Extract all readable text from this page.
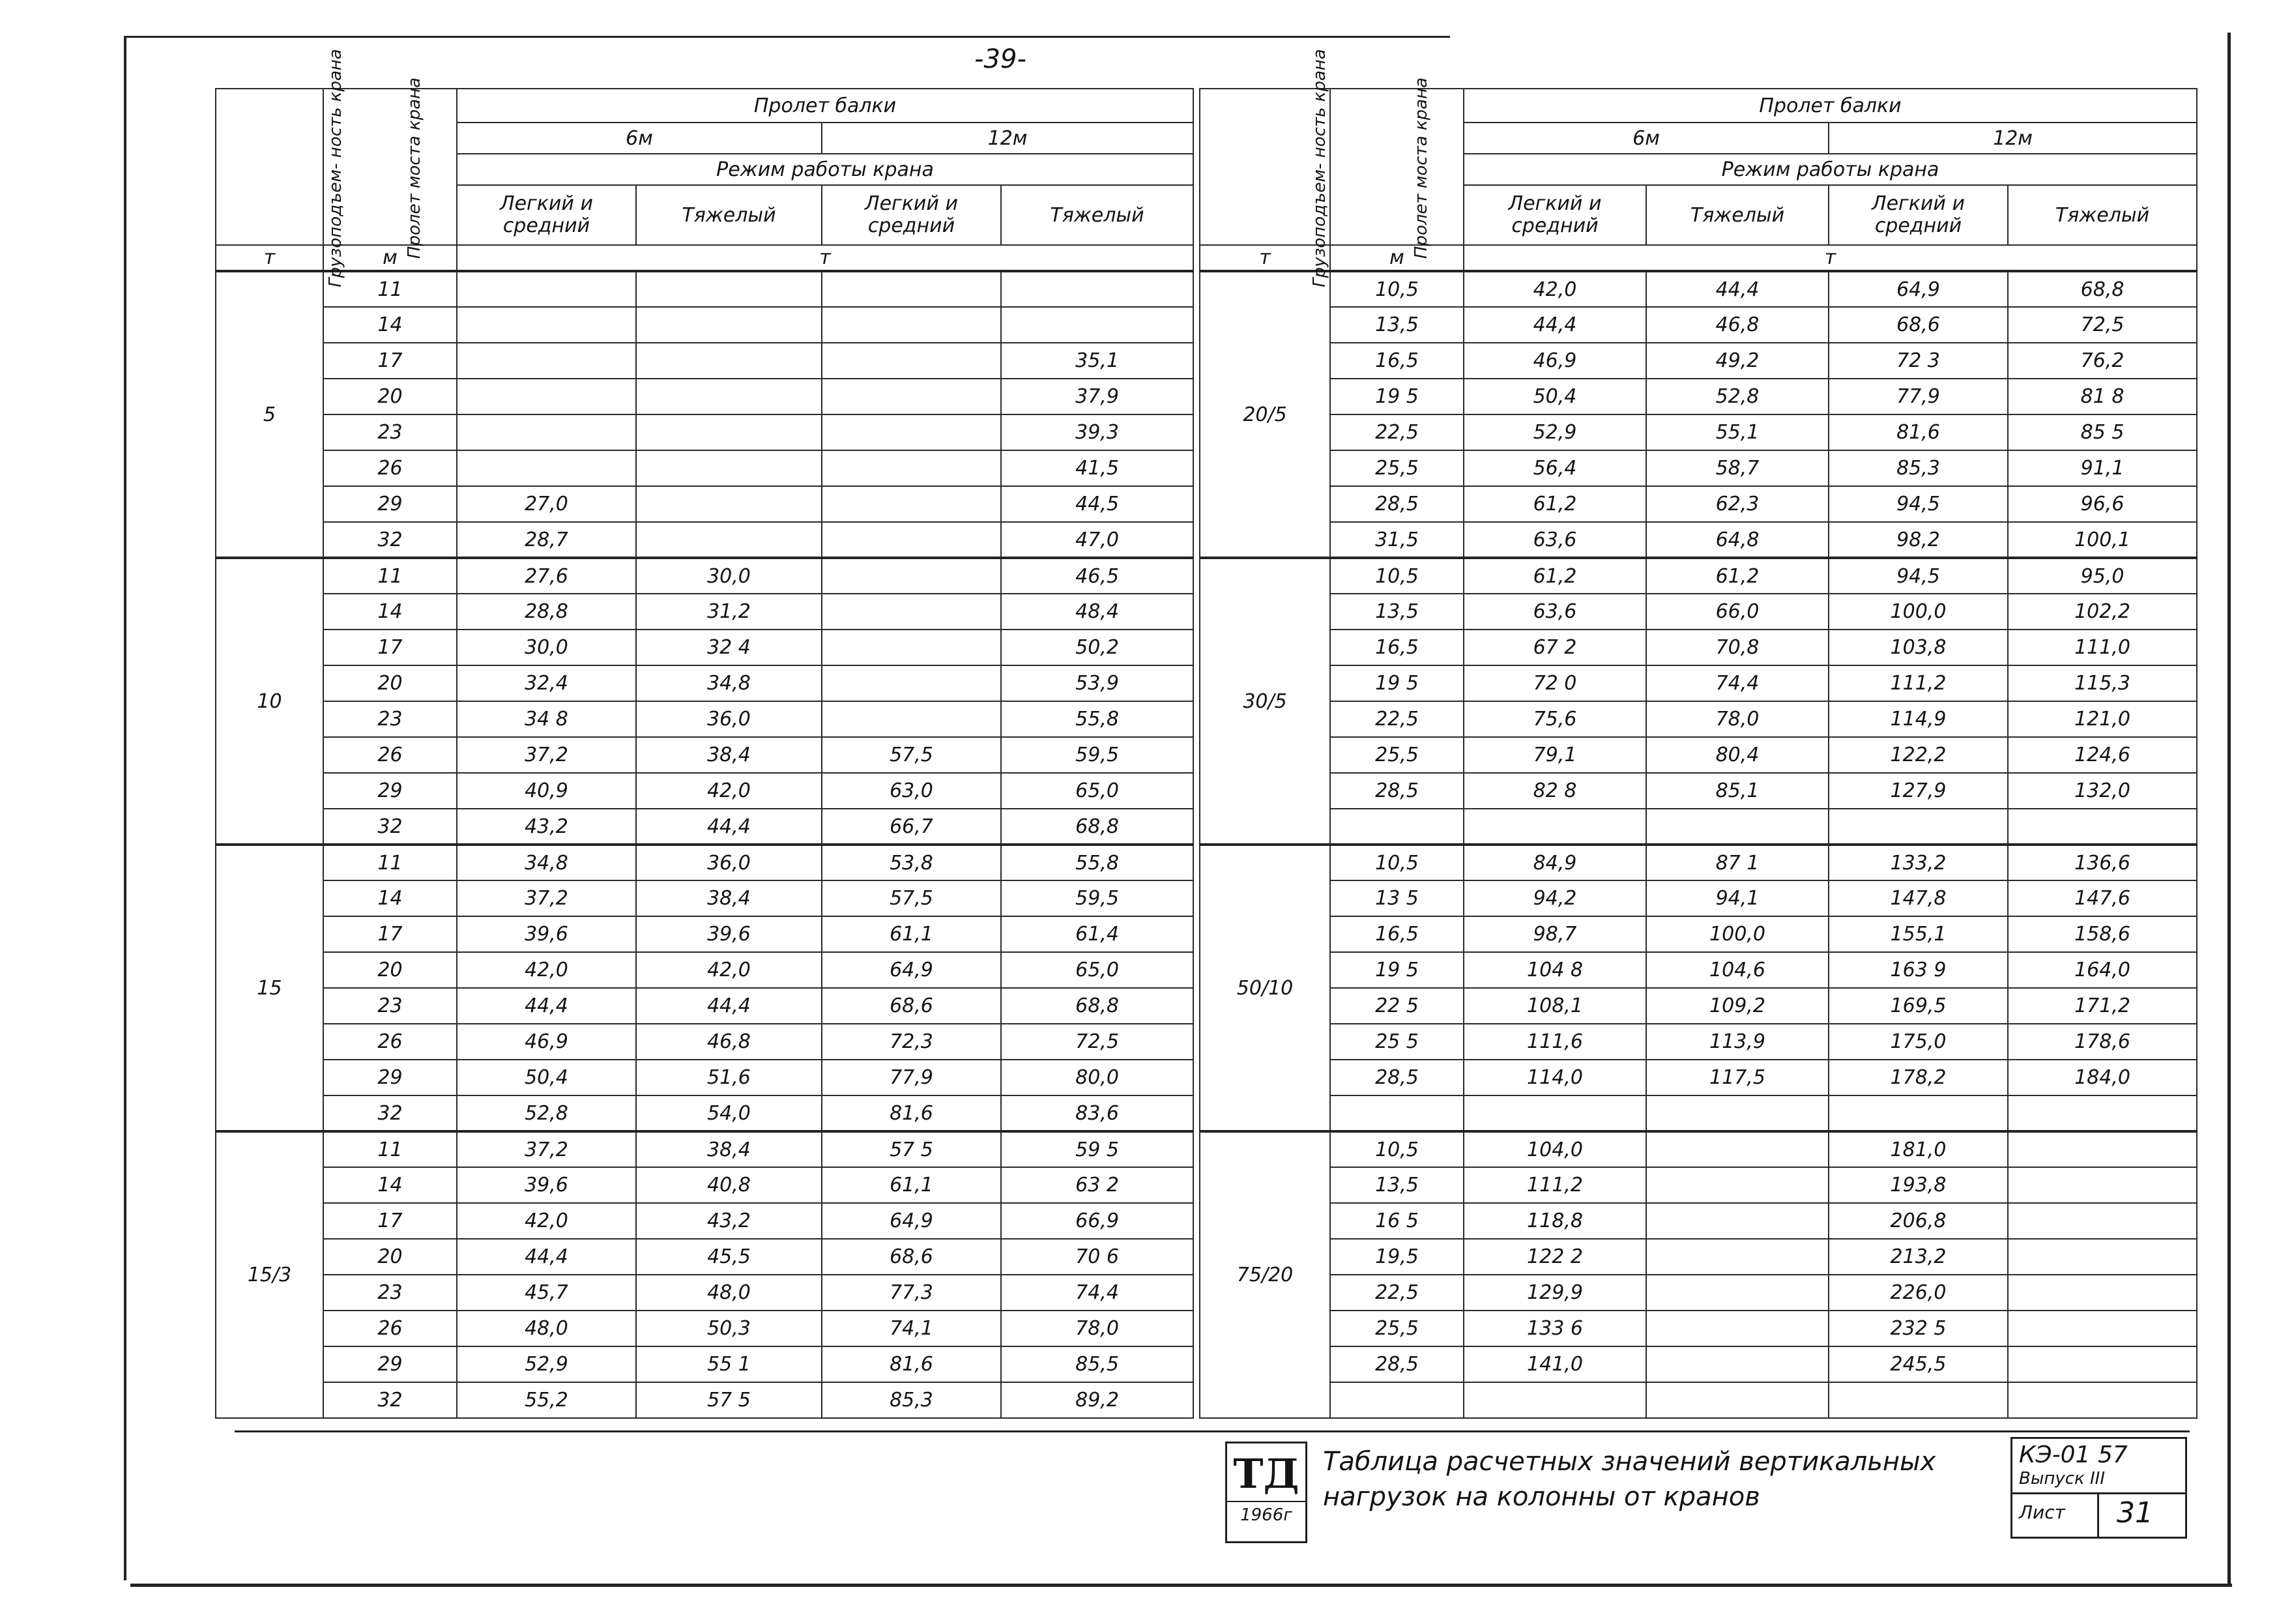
-39-
Грузоподъем- ность крана	Пролет моста крана	Пролет балки			
		6м		12м	
		Режим работы крана			
		Легкий и средний	Тяжелый	Легкий и средний	Тяжелый
т	м	т			
5	11				
	14				
	17				35,1
	20				37,9
	23				39,3
	26				41,5
	29	27,0			44,5
	32	28,7			47,0
10	11	27,6	30,0		46,5
	14	28,8	31,2		48,4
	17	30,0	32 4		50,2
	20	32,4	34,8		53,9
	23	34 8	36,0		55,8
	26	37,2	38,4	57,5	59,5
	29	40,9	42,0	63,0	65,0
	32	43,2	44,4	66,7	68,8
15	11	34,8	36,0	53,8	55,8
	14	37,2	38,4	57,5	59,5
	17	39,6	39,6	61,1	61,4
	20	42,0	42,0	64,9	65,0
	23	44,4	44,4	68,6	68,8
	26	46,9	46,8	72,3	72,5
	29	50,4	51,6	77,9	80,0
	32	52,8	54,0	81,6	83,6
15/3	11	37,2	38,4	57 5	59 5
	14	39,6	40,8	61,1	63 2
	17	42,0	43,2	64,9	66,9
	20	44,4	45,5	68,6	70 6
	23	45,7	48,0	77,3	74,4
	26	48,0	50,3	74,1	78,0
	29	52,9	55 1	81,6	85,5
	32	55,2	57 5	85,3	89,2
Грузоподъем- ность крана	Пролет моста крана	Пролет балки			
		6м		12м	
		Режим работы крана			
		Легкий и средний	Тяжелый	Легкий и средний	Тяжелый
т	м	т			
20/5	10,5	42,0	44,4	64,9	68,8
	13,5	44,4	46,8	68,6	72,5
	16,5	46,9	49,2	72 3	76,2
	19 5	50,4	52,8	77,9	81 8
	22,5	52,9	55,1	81,6	85 5
	25,5	56,4	58,7	85,3	91,1
	28,5	61,2	62,3	94,5	96,6
	31,5	63,6	64,8	98,2	100,1
30/5	10,5	61,2	61,2	94,5	95,0
	13,5	63,6	66,0	100,0	102,2
	16,5	67 2	70,8	103,8	111,0
	19 5	72 0	74,4	111,2	115,3
	22,5	75,6	78,0	114,9	121,0
	25,5	79,1	80,4	122,2	124,6
	28,5	82 8	85,1	127,9	132,0

50/10	10,5	84,9	87 1	133,2	136,6
	13 5	94,2	94,1	147,8	147,6
	16,5	98,7	100,0	155,1	158,6
	19 5	104 8	104,6	163 9	164,0
	22 5	108,1	109,2	169,5	171,2
	25 5	111,6	113,9	175,0	178,6
	28,5	114,0	117,5	178,2	184,0

75/20	10,5	104,0		181,0	
	13,5	111,2		193,8	
	16 5	118,8		206,8	
	19,5	122 2		213,2	
	22,5	129,9		226,0	
	25,5	133 6		232 5	
	28,5	141,0		245,5	

ТД
1966г
Таблица расчетных значений вертикальных нагрузок на колонны от кранов
КЭ-01 57
Выпуск III
Лист 31
